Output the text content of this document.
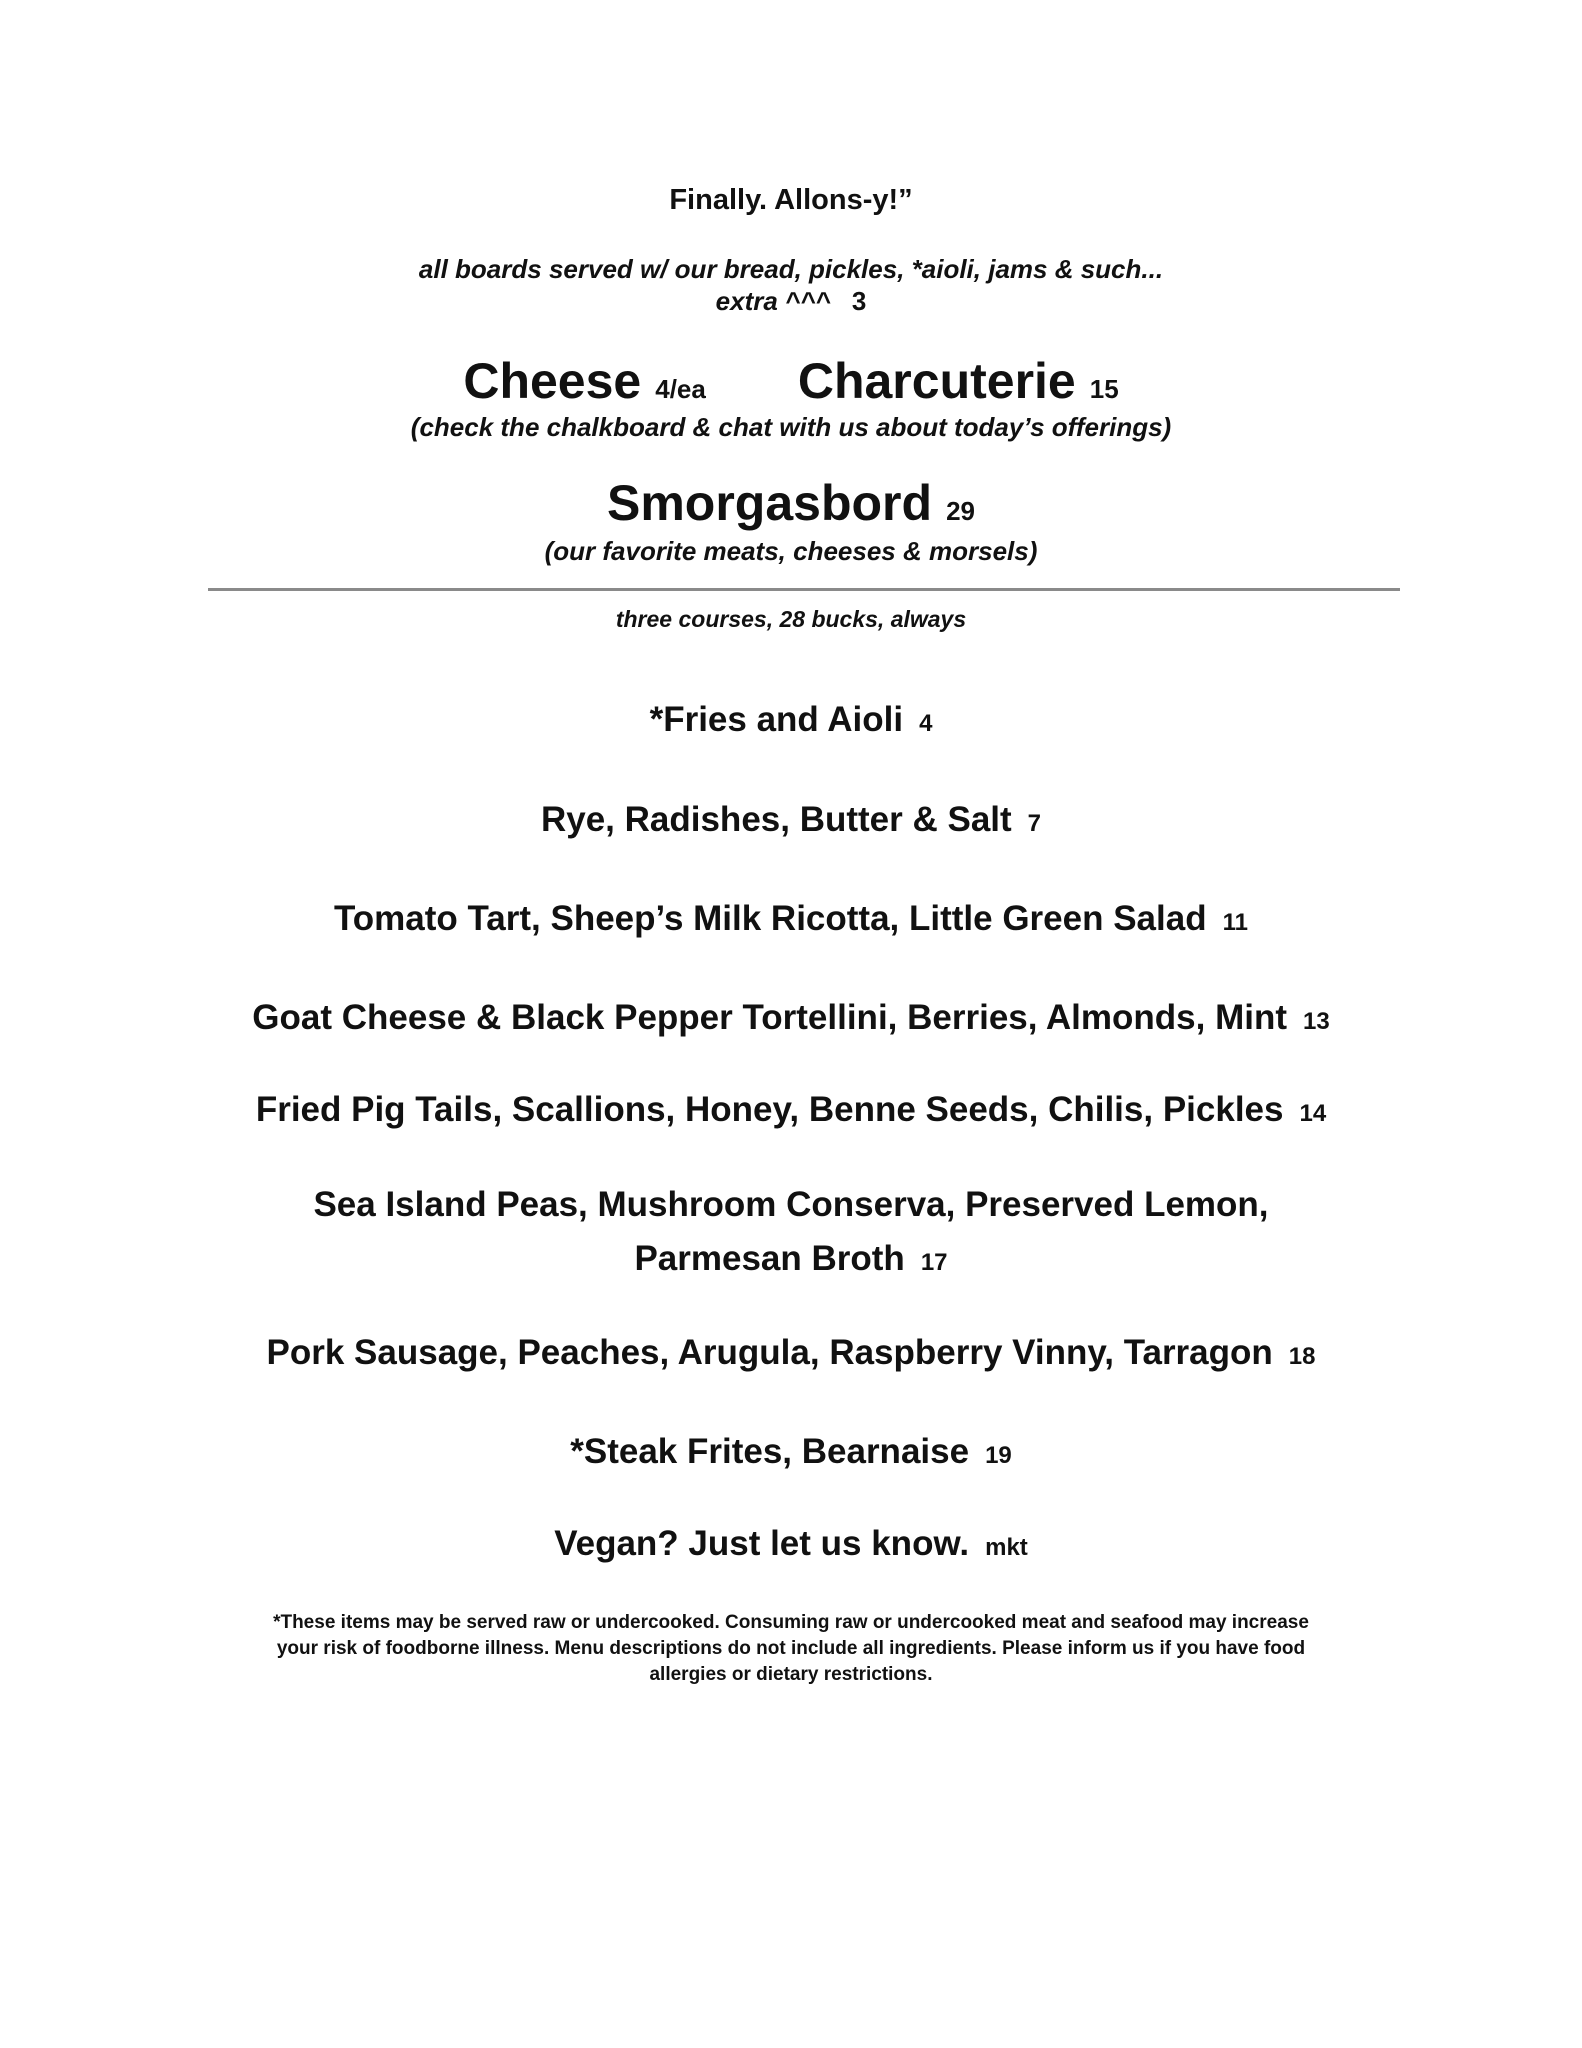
Finally. Allons-y!”
all boards served w/ our bread, pickles, *aioli, jams & such...
extra ^^^ 3
Cheese 4/ea Charcuterie 15
(check the chalkboard & chat with us about today’s offerings)
Smorgasbord 29
(our favorite meats, cheeses & morsels)
three courses, 28 bucks, always
*Fries and Aioli 4
Rye, Radishes, Butter & Salt 7
Tomato Tart, Sheep’s Milk Ricotta, Little Green Salad 11
Goat Cheese & Black Pepper Tortellini, Berries, Almonds, Mint 13
Fried Pig Tails, Scallions, Honey, Benne Seeds, Chilis, Pickles 14
Sea Island Peas, Mushroom Conserva, Preserved Lemon,
Parmesan Broth 17
Pork Sausage, Peaches, Arugula, Raspberry Vinny, Tarragon 18
*Steak Frites, Bearnaise 19
Vegan? Just let us know. mkt
*These items may be served raw or undercooked. Consuming raw or undercooked meat and seafood may increase
your risk of foodborne illness. Menu descriptions do not include all ingredients. Please inform us if you have food
allergies or dietary restrictions.
